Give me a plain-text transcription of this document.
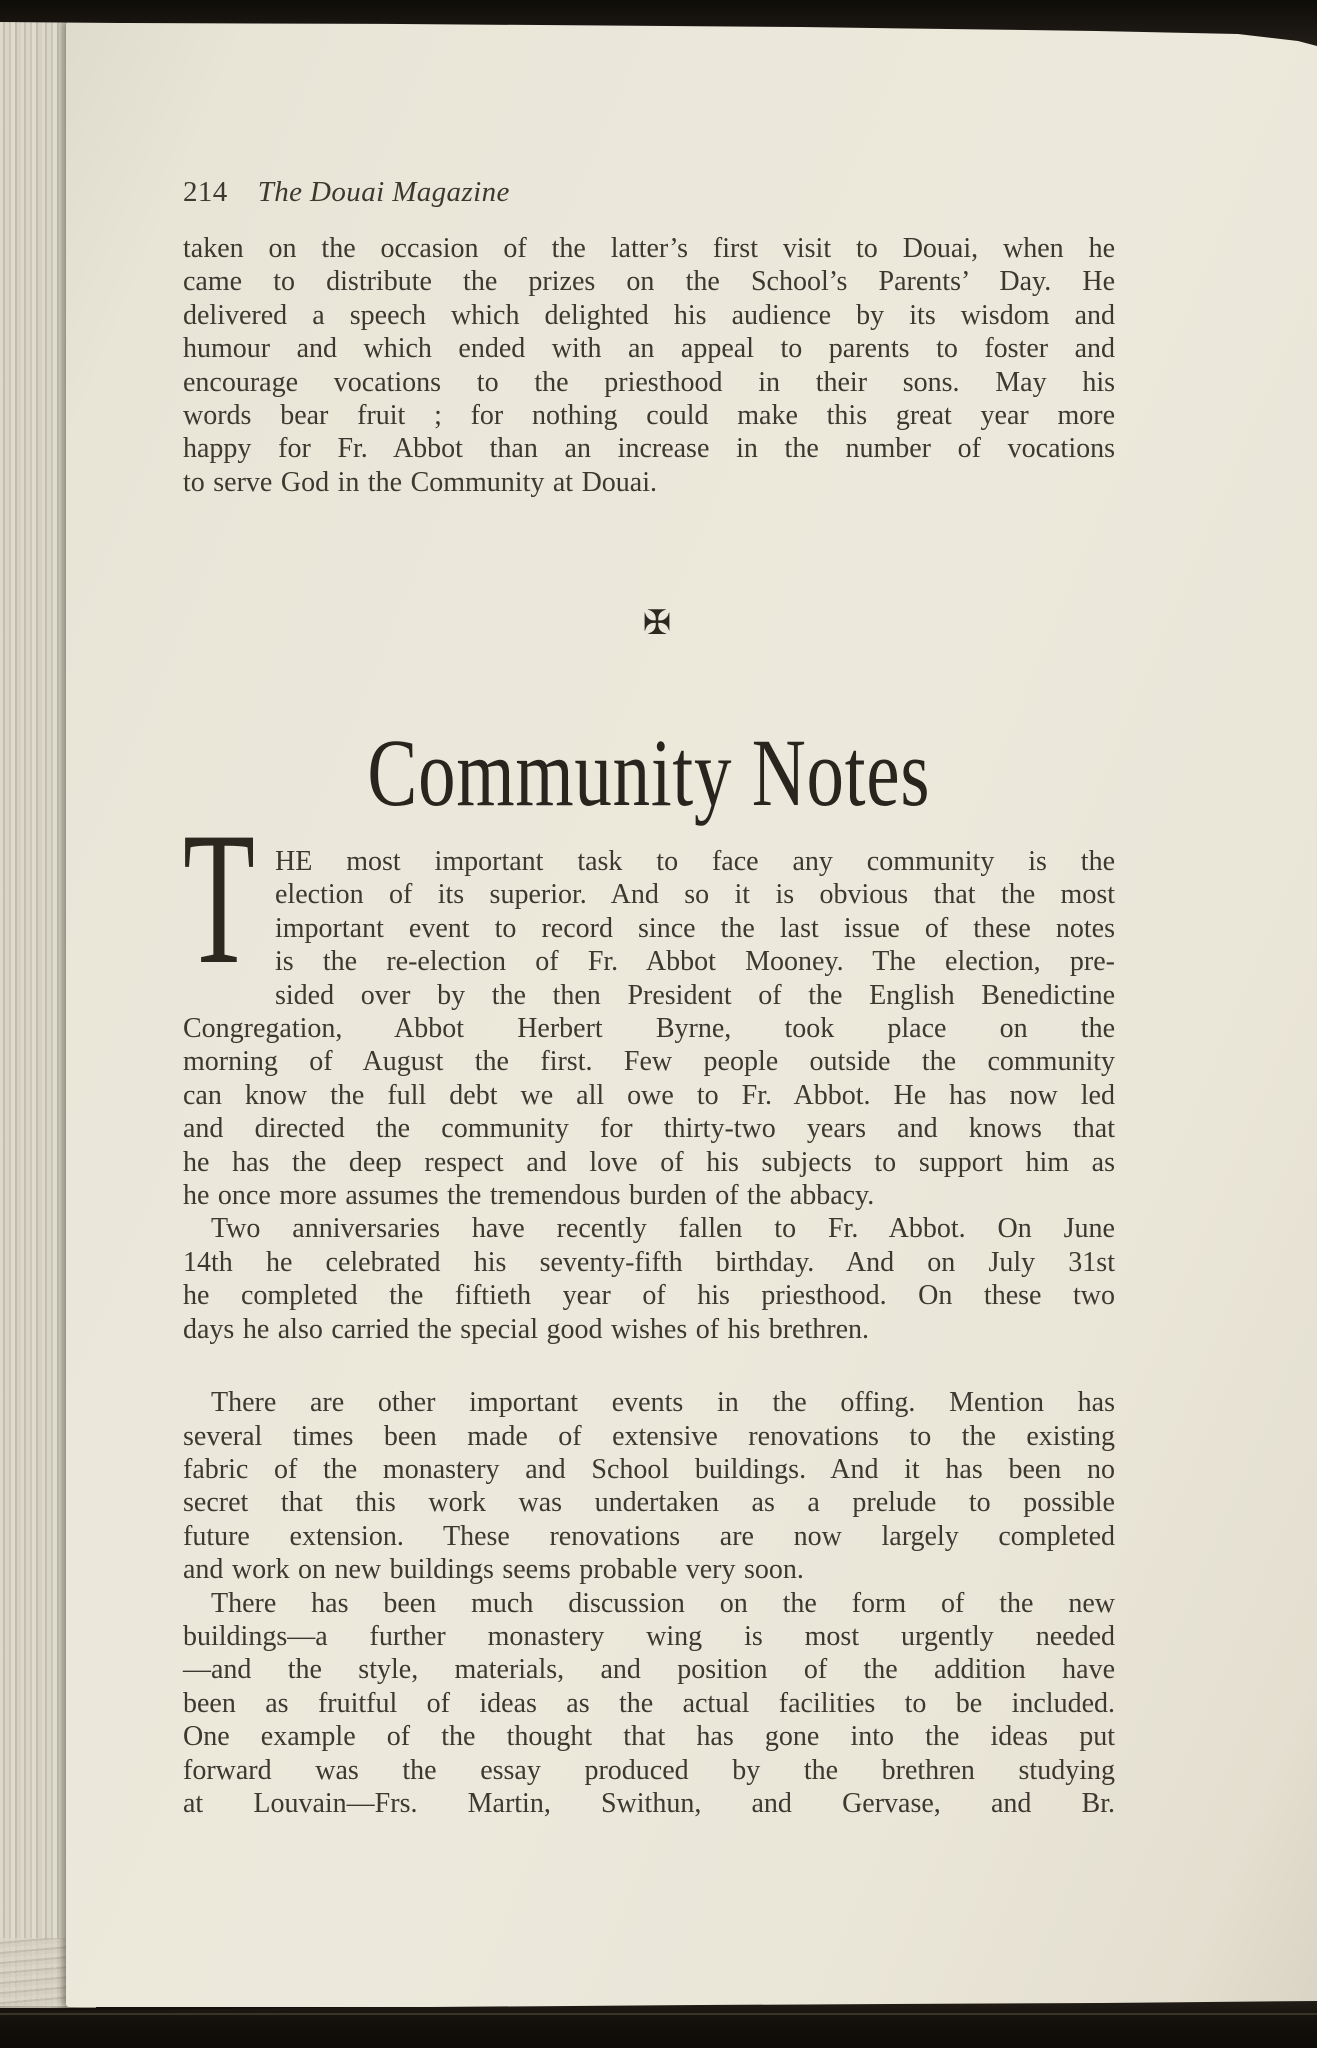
214 The Douai Magazine
taken on the occasion of the latter’s first visit to Douai, when he
came to distribute the prizes on the School’s Parents’ Day. He
delivered a speech which delighted his audience by its wisdom and
humour and which ended with an appeal to parents to foster and
encourage vocations to the priesthood in their sons. May his
words bear fruit ; for nothing could make this great year more
happy for Fr. Abbot than an increase in the number of vocations
to serve God in the Community at Douai.
✠
Community Notes
T HE most important task to face any community is the
election of its superior. And so it is obvious that the most
important event to record since the last issue of these notes
is the re-election of Fr. Abbot Mooney. The election, pre-
sided over by the then President of the English Benedictine
Congregation, Abbot Herbert Byrne, took place on the
morning of August the first. Few people outside the community
can know the full debt we all owe to Fr. Abbot. He has now led
and directed the community for thirty-two years and knows that
he has the deep respect and love of his subjects to support him as
he once more assumes the tremendous burden of the abbacy.
Two anniversaries have recently fallen to Fr. Abbot. On June
14th he celebrated his seventy-fifth birthday. And on July 31st
he completed the fiftieth year of his priesthood. On these two
days he also carried the special good wishes of his brethren.
There are other important events in the offing. Mention has
several times been made of extensive renovations to the existing
fabric of the monastery and School buildings. And it has been no
secret that this work was undertaken as a prelude to possible
future extension. These renovations are now largely completed
and work on new buildings seems probable very soon.
There has been much discussion on the form of the new
buildings—a further monastery wing is most urgently needed
—and the style, materials, and position of the addition have
been as fruitful of ideas as the actual facilities to be included.
One example of the thought that has gone into the ideas put
forward was the essay produced by the brethren studying
at Louvain—Frs. Martin, Swithun, and Gervase, and Br.
